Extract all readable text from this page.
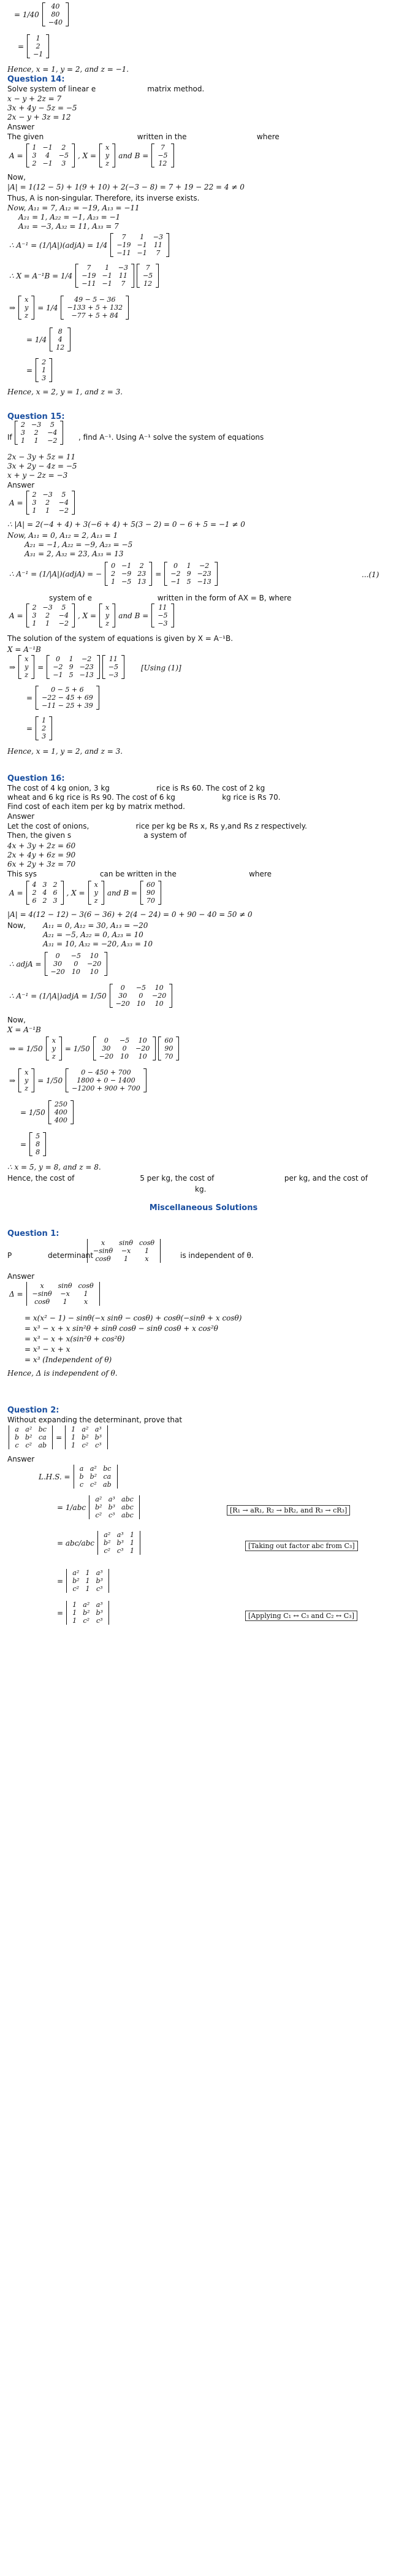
= 1/40
40
80
−40
=
1
2
−1
Hence, x = 1, y = 2, and z = −1.
Question 14:
Solve system of linear e                      matrix method.
x − y + 2z = 7
3x + 4y − 5z = −5
2x − y + 3z = 12
Answer
The given                                        written in the                              where
A =
1	−1	2
3	4	−5
2	−1	3
, X =
x
y
z
and B =
7
−5
12
Now,
|A| = 1(12 − 5) + 1(9 + 10) + 2(−3 − 8) = 7 + 19 − 22 = 4 ≠ 0
Thus, A is non-singular. Therefore, its inverse exists.
Now, A₁₁ = 7, A₁₂ = −19, A₁₃ = −11
A₂₁ = 1, A₂₂ = −1, A₂₃ = −1
A₃₁ = −3, A₃₂ = 11, A₃₃ = 7
∴ A⁻¹ = (1/|A|)(adjA) = 1/4
7	1	−3
−19	−1	11
−11	−1	7
∴ X = A⁻¹B = 1/4
7	1	−3
−19	−1	11
−11	−1	7
7
−5
12
⇒
x
y
z
= 1/4
49 − 5 − 36
−133 + 5 + 132
−77 + 5 + 84
= 1/4
8
4
12
=
2
1
3
Hence, x = 2, y = 1, and z = 3.
Question 15:
2	−3	5
3	2	−4
1	1	−2
If	, find A⁻¹. Using A⁻¹ solve the system of equations
2x − 3y + 5z = 11
3x + 2y − 4z = −5
x + y − 2z = −3
Answer
A =
2	−3	5
3	2	−4
1	1	−2
∴ |A| = 2(−4 + 4) + 3(−6 + 4) + 5(3 − 2) = 0 − 6 + 5 = −1 ≠ 0
Now, A₁₁ = 0, A₁₂ = 2, A₁₃ = 1
A₂₁ = −1, A₂₂ = −9, A₂₃ = −5
A₃₁ = 2, A₃₂ = 23, A₃₃ = 13
∴ A⁻¹ = (1/|A|)(adjA) = −
0	−1	2
2	−9	23
1	−5	13
=
0	1	−2
−2	9	−23
−1	5	−13
...(1)
system of e                            written in the form of AX = B, where
A =
2	−3	5
3	2	−4
1	1	−2
, X =
x
y
z
and B =
11
−5
−3
The solution of the system of equations is given by X = A⁻¹B.
X = A⁻¹B
⇒
x
y
z
=
0	1	−2
−2	9	−23
−1	5	−13
11
−5
−3
[Using (1)]
=
0 − 5 + 6
−22 − 45 + 69
−11 − 25 + 39
=
1
2
3
Hence, x = 1, y = 2, and z = 3.
Question 16:
The cost of 4 kg onion, 3 kg                    rice is Rs 60. The cost of 2 kg
wheat and 6 kg rice is Rs 90. The cost of 6 kg                    kg rice is Rs 70.
Find cost of each item per kg by matrix method.
Answer
Let the cost of onions,                    rice per kg be Rs x, Rs y,and Rs z respectively.
Then, the given s                               a system of
4x + 3y + 2z = 60
2x + 4y + 6z = 90
6x + 2y + 3z = 70
This sys                           can be written in the                               where
A =
4	3	2
2	4	6
6	2	3
, X =
x
y
z
and B =
60
90
70
|A| = 4(12 − 12) − 3(6 − 36) + 2(4 − 24) = 0 + 90 − 40 = 50 ≠ 0
Now, A₁₁ = 0, A₁₂ = 30, A₁₃ = −20
A₂₁ = −5, A₂₂ = 0, A₂₃ = 10
A₃₁ = 10, A₃₂ = −20, A₃₃ = 10
∴ adjA =
0	−5	10
30	0	−20
−20	10	10
∴ A⁻¹ = (1/|A|)adjA = 1/50
0	−5	10
30	0	−20
−20	10	10
Now,
X = A⁻¹B
⇒ = 1/50
x
y
z
= 1/50
0	−5	10
30	0	−20
−20	10	10
60
90
70
⇒
x
y
z
= 1/50
0 − 450 + 700
1800 + 0 − 1400
−1200 + 900 + 700
= 1/50
250
400
400
=
5
8
8
∴ x = 5, y = 8, and z = 8.
Hence, the cost of                            5 per kg, the cost of                              per kg, and the cost of
kg.
Miscellaneous Solutions
Question 1:
x	sinθ	cosθ
−sinθ	−x	1
cosθ	1	x
P	determinant	is independent of θ.
Answer
Δ =
x	sinθ	cosθ
−sinθ	−x	1
cosθ	1	x
= x(x² − 1) − sinθ(−x sinθ − cosθ) + cosθ(−sinθ + x cosθ)
= x³ − x + x sin²θ + sinθ cosθ − sinθ cosθ + x cos²θ
= x³ − x + x(sin²θ + cos²θ)
= x³ − x + x
= x³ (Independent of θ)
Hence, Δ is independent of θ.
Question 2:
Without expanding the determinant, prove that
a	a²	bc
b	b²	ca
c	c²	ab
=
1	a²	a³
1	b²	b³
1	c²	c³
Answer
L.H.S. =
a	a²	bc
b	b²	ca
c	c²	ab
= 1/abc
a²	a³	abc
b²	b³	abc
c²	c³	abc
[R₁ → aR₁, R₂ → bR₂, and R₃ → cR₃]
= abc/abc
a²	a³	1
b²	b³	1
c²	c³	1
[Taking out factor abc from C₃]
=
a²	1	a³
b²	1	b³
c²	1	c³
=
1	a²	a³
1	b²	b³
1	c²	c³
[Applying C₁ ↔ C₃ and C₂ ↔ C₃]
